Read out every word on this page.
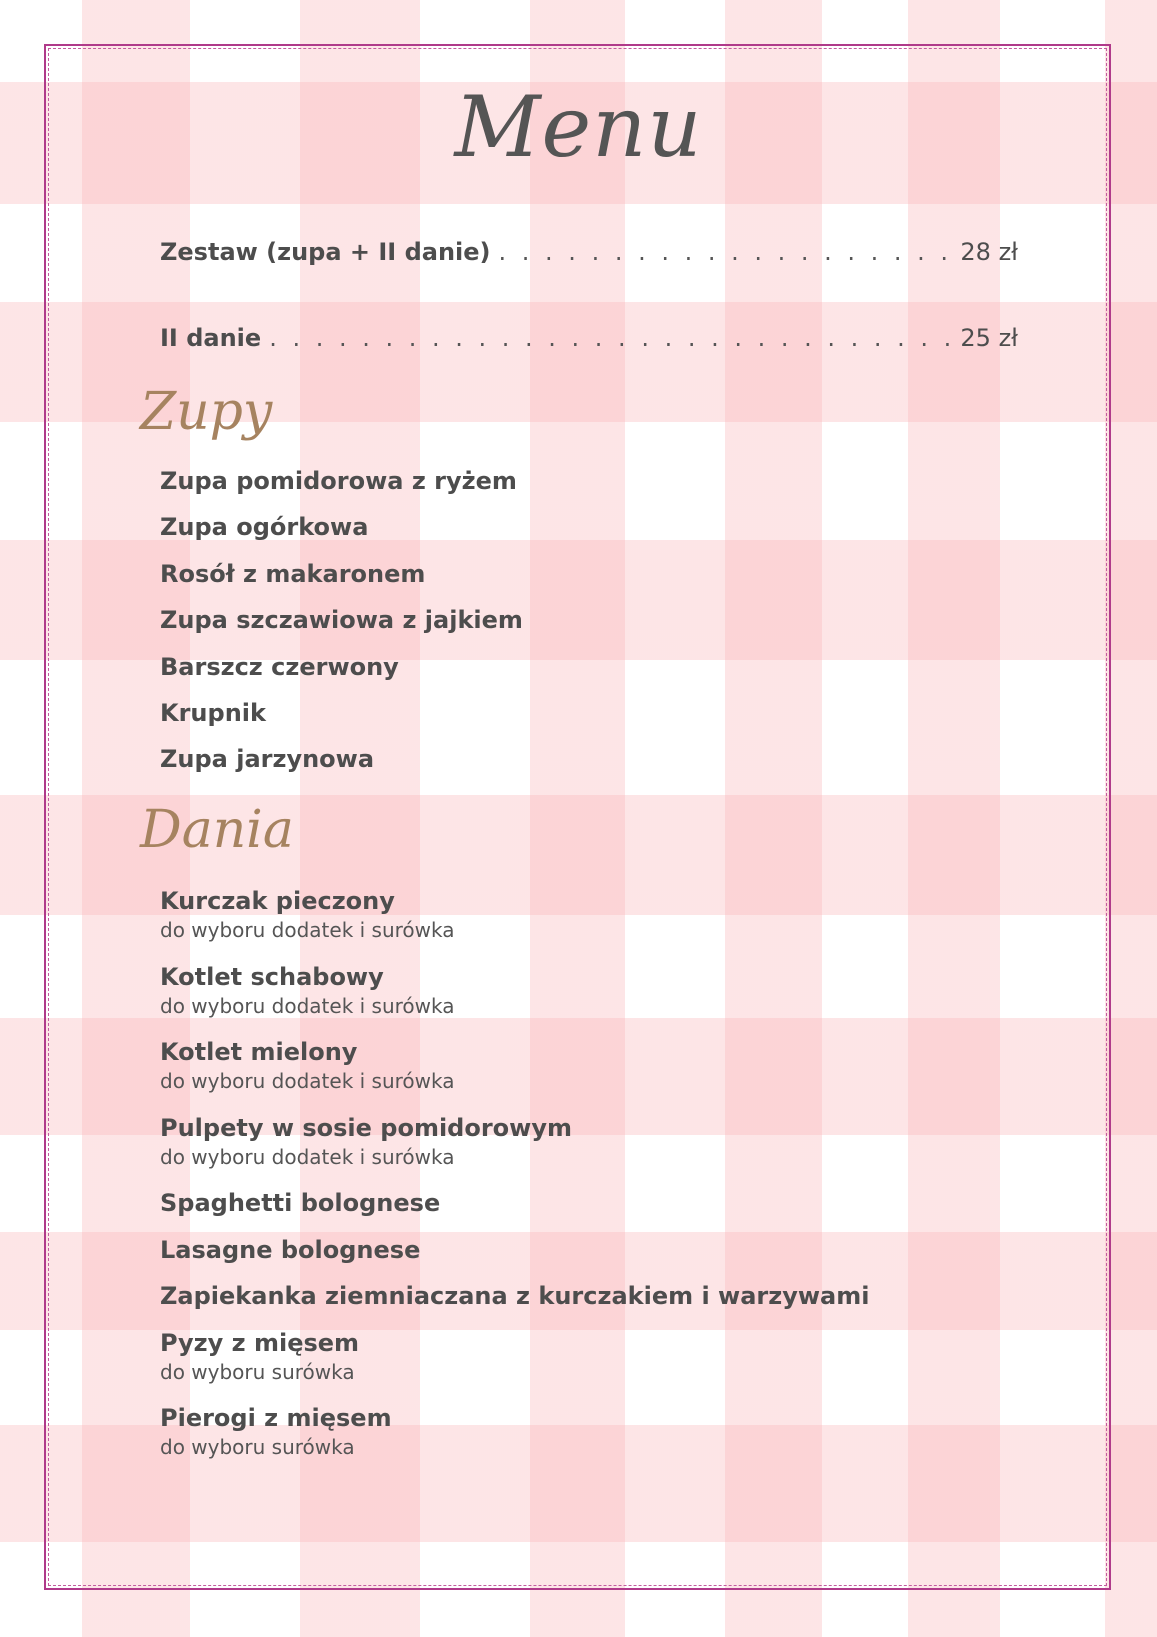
Menu
Zestaw (zupa + II danie) . . .	28 zł
II danie . . .	25 zł
Zupy
Zupa pomidorowa z ryżem
Zupa ogórkowa
Rosół z makaronem
Zupa szczawiowa z jajkiem
Barszcz czerwony
Krupnik
Zupa jarzynowa
Dania
Kurczak pieczony
do wyboru dodatek i surówka
Kotlet schabowy
do wyboru dodatek i surówka
Kotlet mielony
do wyboru dodatek i surówka
Pulpety w sosie pomidorowym
do wyboru dodatek i surówka
Spaghetti bolognese
Lasagne bolognese
Zapiekanka ziemniaczana z kurczakiem i warzywami
Pyzy z mięsem
do wyboru surówka
Pierogi z mięsem
do wyboru surówka
